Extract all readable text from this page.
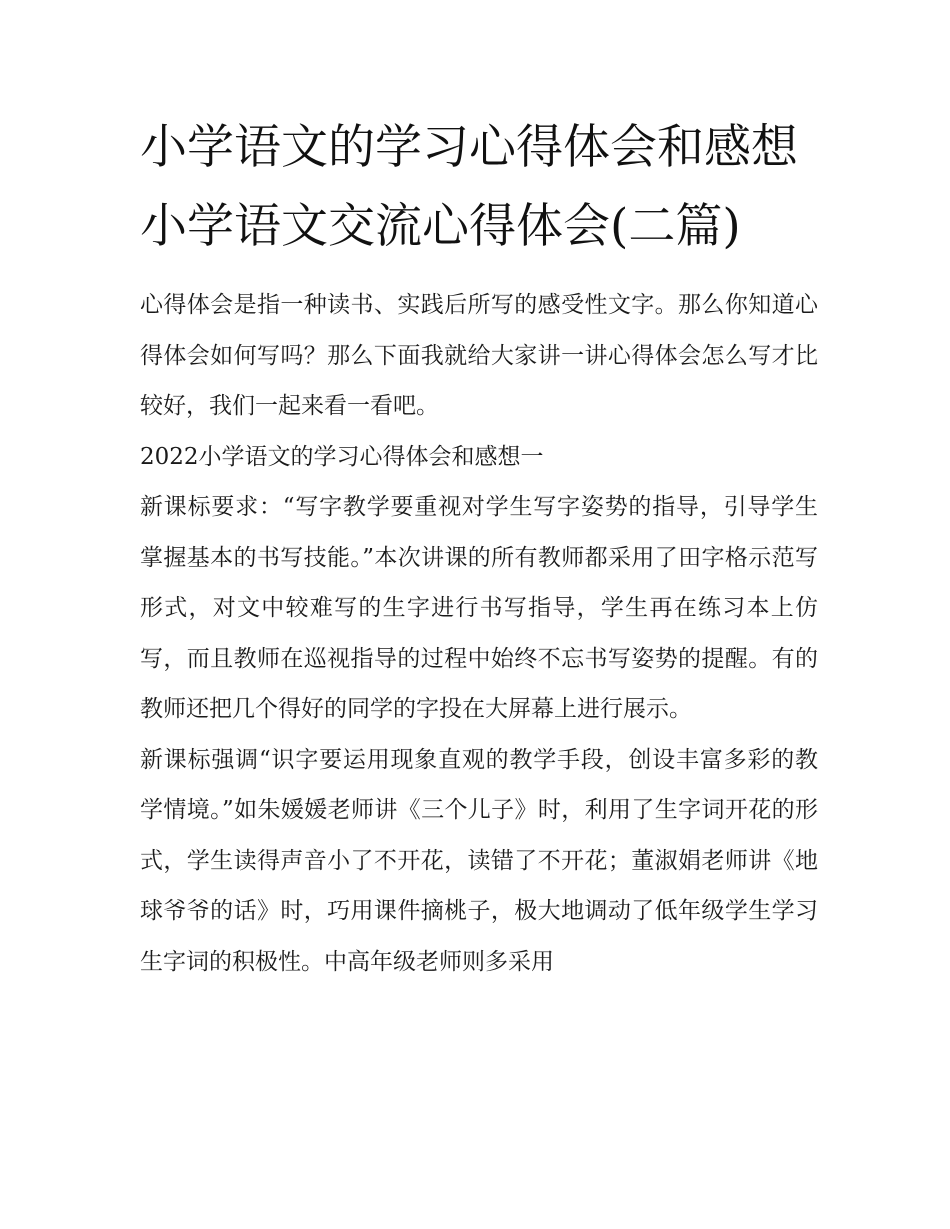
小学语文的学习心得体会和感想 小学语文交流心得体会(二篇)

心得体会是指一种读书、实践后所写的感受性文字。那么你知道心得体会如何写吗？那么下面我就给大家讲一讲心得体会怎么写才比较好，我们一起来看一看吧。

2022小学语文的学习心得体会和感想一

新课标要求：“写字教学要重视对学生写字姿势的指导，引导学生掌握基本的书写技能。”本次讲课的所有教师都采用了田字格示范写形式，对文中较难写的生字进行书写指导，学生再在练习本上仿写，而且教师在巡视指导的过程中始终不忘书写姿势的提醒。有的教师还把几个得好的同学的字投在大屏幕上进行展示。

新课标强调“识字要运用现象直观的教学手段，创设丰富多彩的教学情境。”如朱媛媛老师讲《三个儿子》时，利用了生字词开花的形式，学生读得声音小了不开花，读错了不开花；董淑娟老师讲《地球爷爷的话》时，巧用课件摘桃子，极大地调动了低年级学生学习生字词的积极性。中高年级老师则多采用
